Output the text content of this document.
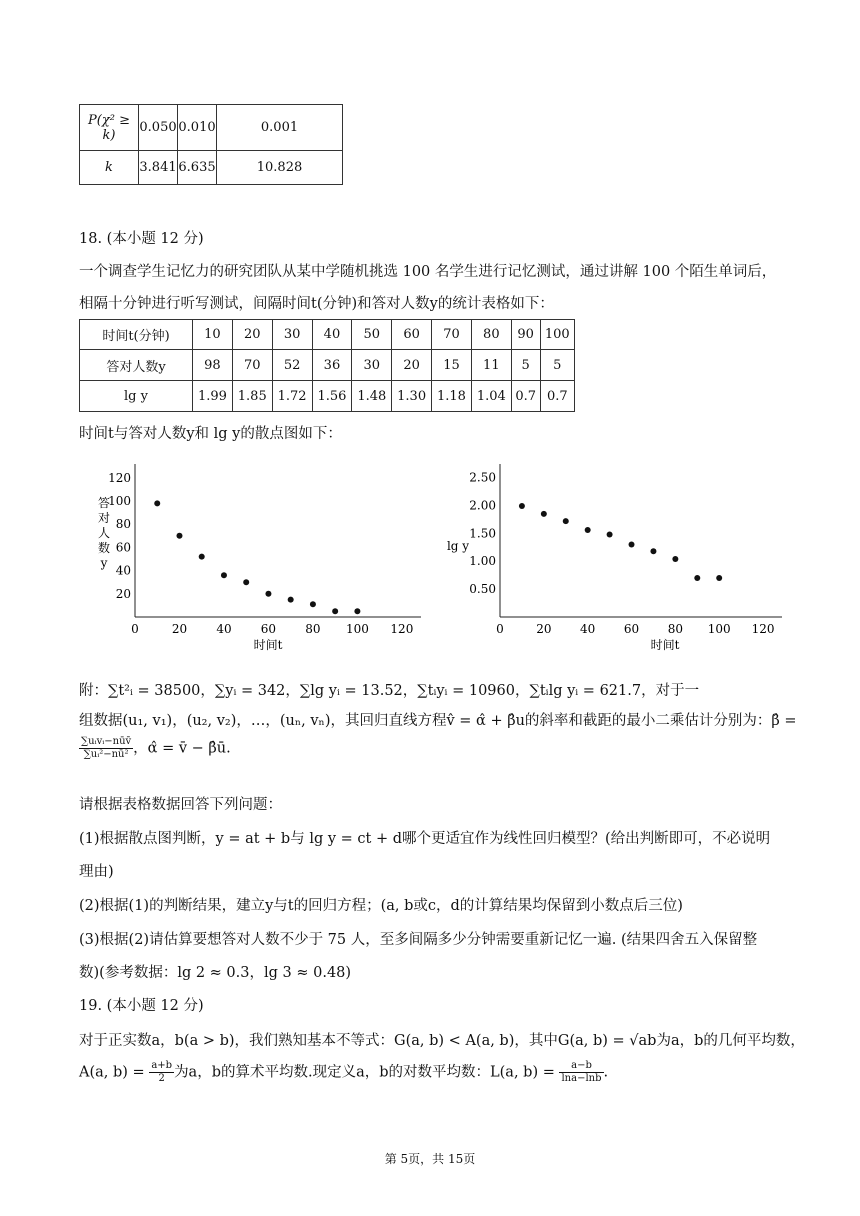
P(χ² ≥ k)	0.050	0.010	0.001
k	3.841	6.635	10.828
18. (本小题 12 分)
一个调查学生记忆力的研究团队从某中学随机挑选 100 名学生进行记忆测试，通过讲解 100 个陌生单词后，
相隔十分钟进行听写测试，间隔时间t(分钟)和答对人数y的统计表格如下：
时间t(分钟)	10	20	30	40	50	60	70	80	90	100
答对人数y	98	70	52	36	30	20	15	11	5	5
lg y	1.99	1.85	1.72	1.56	1.48	1.30	1.18	1.04	0.7	0.7
时间t与答对人数y和 lg y的散点图如下：
答对人数 y
0	20 40 60 80 100 120
20
40
60
80
100
120
时间t
lg y
0	20 40 60 80 100 120
0.50
1.00
1.50
2.00
2.50
时间t
附：∑t²ᵢ = 38500，∑yᵢ = 342，∑lg yᵢ = 13.52，∑tᵢyᵢ = 10960，∑tᵢlg yᵢ = 621.7，对于一
组数据(u₁, v₁)，(u₂, v₂)，…，(uₙ, vₙ)，其回归直线方程v̂ = α̂ + β̂u的斜率和截距的最小二乘估计分别为：β̂ =
$\frac{\text{∑uᵢvᵢ−nūv̄}}{\text{∑uᵢ²−nū²}}$ ，α̂ = v̄ − β̂ū.
请根据表格数据回答下列问题：
(1)根据散点图判断，y = at + b与 lg y = ct + d哪个更适宜作为线性回归模型？(给出判断即可，不必说明
理由)
(2)根据(1)的判断结果，建立y与t的回归方程；(a, b或c，d的计算结果均保留到小数点后三位)
(3)根据(2)请估算要想答对人数不少于 75 人，至多间隔多少分钟需要重新记忆一遍. (结果四舍五入保留整
数)(参考数据：lg 2 ≈ 0.3，lg 3 ≈ 0.48)
19. (本小题 12 分)
对于正实数a，b(a > b)，我们熟知基本不等式：G(a, b) < A(a, b)，其中G(a, b) = √ab为a，b的几何平均数，
A(a, $b) = \frac{a+b}{2}$ 为a，b的算术平均数.现定义a，b的对数平均数：L(a, $b) = \frac{a-b}{\ln a-\ln b}$ .
第 5页，共 15页
